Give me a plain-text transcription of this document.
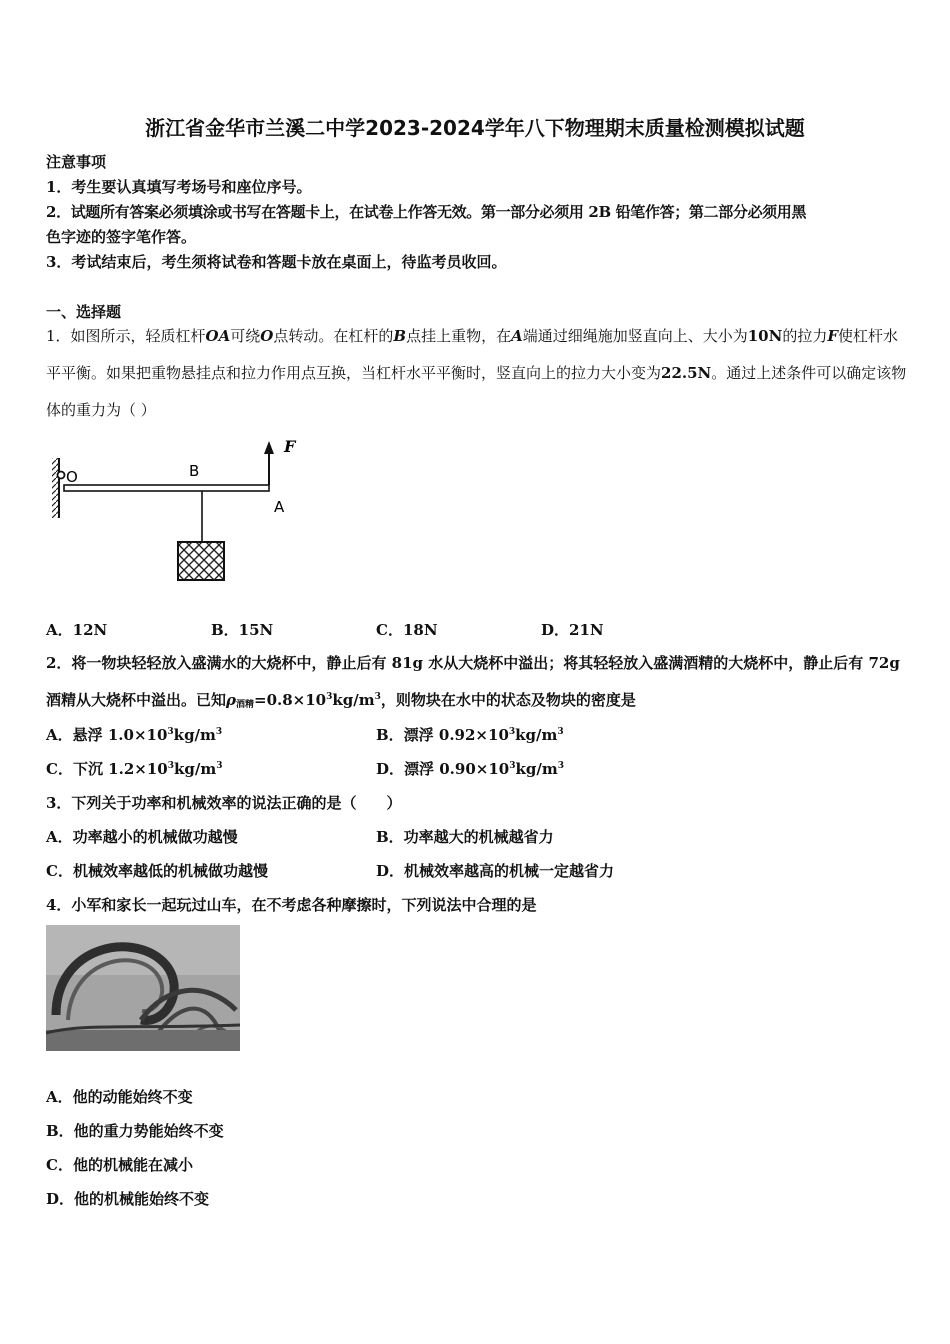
浙江省金华市兰溪二中学2023-2024学年八下物理期末质量检测模拟试题
注意事项
1．考生要认真填写考场号和座位序号。
2．试题所有答案必须填涂或书写在答题卡上，在试卷上作答无效。第一部分必须用 2B 铅笔作答；第二部分必须用黑
色字迹的签字笔作答。
3．考试结束后，考生须将试卷和答题卡放在桌面上，待监考员收回。
一、选择题
1．如图所示，轻质杠杆OA可绕O点转动。在杠杆的B点挂上重物，在A端通过细绳施加竖直向上、大小为10N的拉力F使杠杆水平平衡。如果把重物悬挂点和拉力作用点互换，当杠杆水平平衡时，竖直向上的拉力大小变为22.5N。通过上述条件可以确定该物体的重力为（ ）
O	B
A
F
A．12N	B．15N	C．18N	D．21N
2．将一物块轻轻放入盛满水的大烧杯中，静止后有 81g 水从大烧杯中溢出；将其轻轻放入盛满酒精的大烧杯中，静止后有 72g 酒精从大烧杯中溢出。已知$\rho_{酒精}=0.8\times 10^3kg/m^3$，则物块在水中的状态及物块的密度是
A．悬浮 $1.0\times 10^3kg/m^3$	B．漂浮 $0.92\times 10^3kg/m^3$
C．下沉 $1.2\times 10^3kg/m^3$	D．漂浮 $0.90\times 10^3kg/m^3$
3．下列关于功率和机械效率的说法正确的是（　　）
A．功率越小的机械做功越慢	B．功率越大的机械越省力
C．机械效率越低的机械做功越慢	D．机械效率越高的机械一定越省力
4．小军和家长一起玩过山车，在不考虑各种摩擦时，下列说法中合理的是
A．他的动能始终不变
B．他的重力势能始终不变
C．他的机械能在减小
D．他的机械能始终不变
